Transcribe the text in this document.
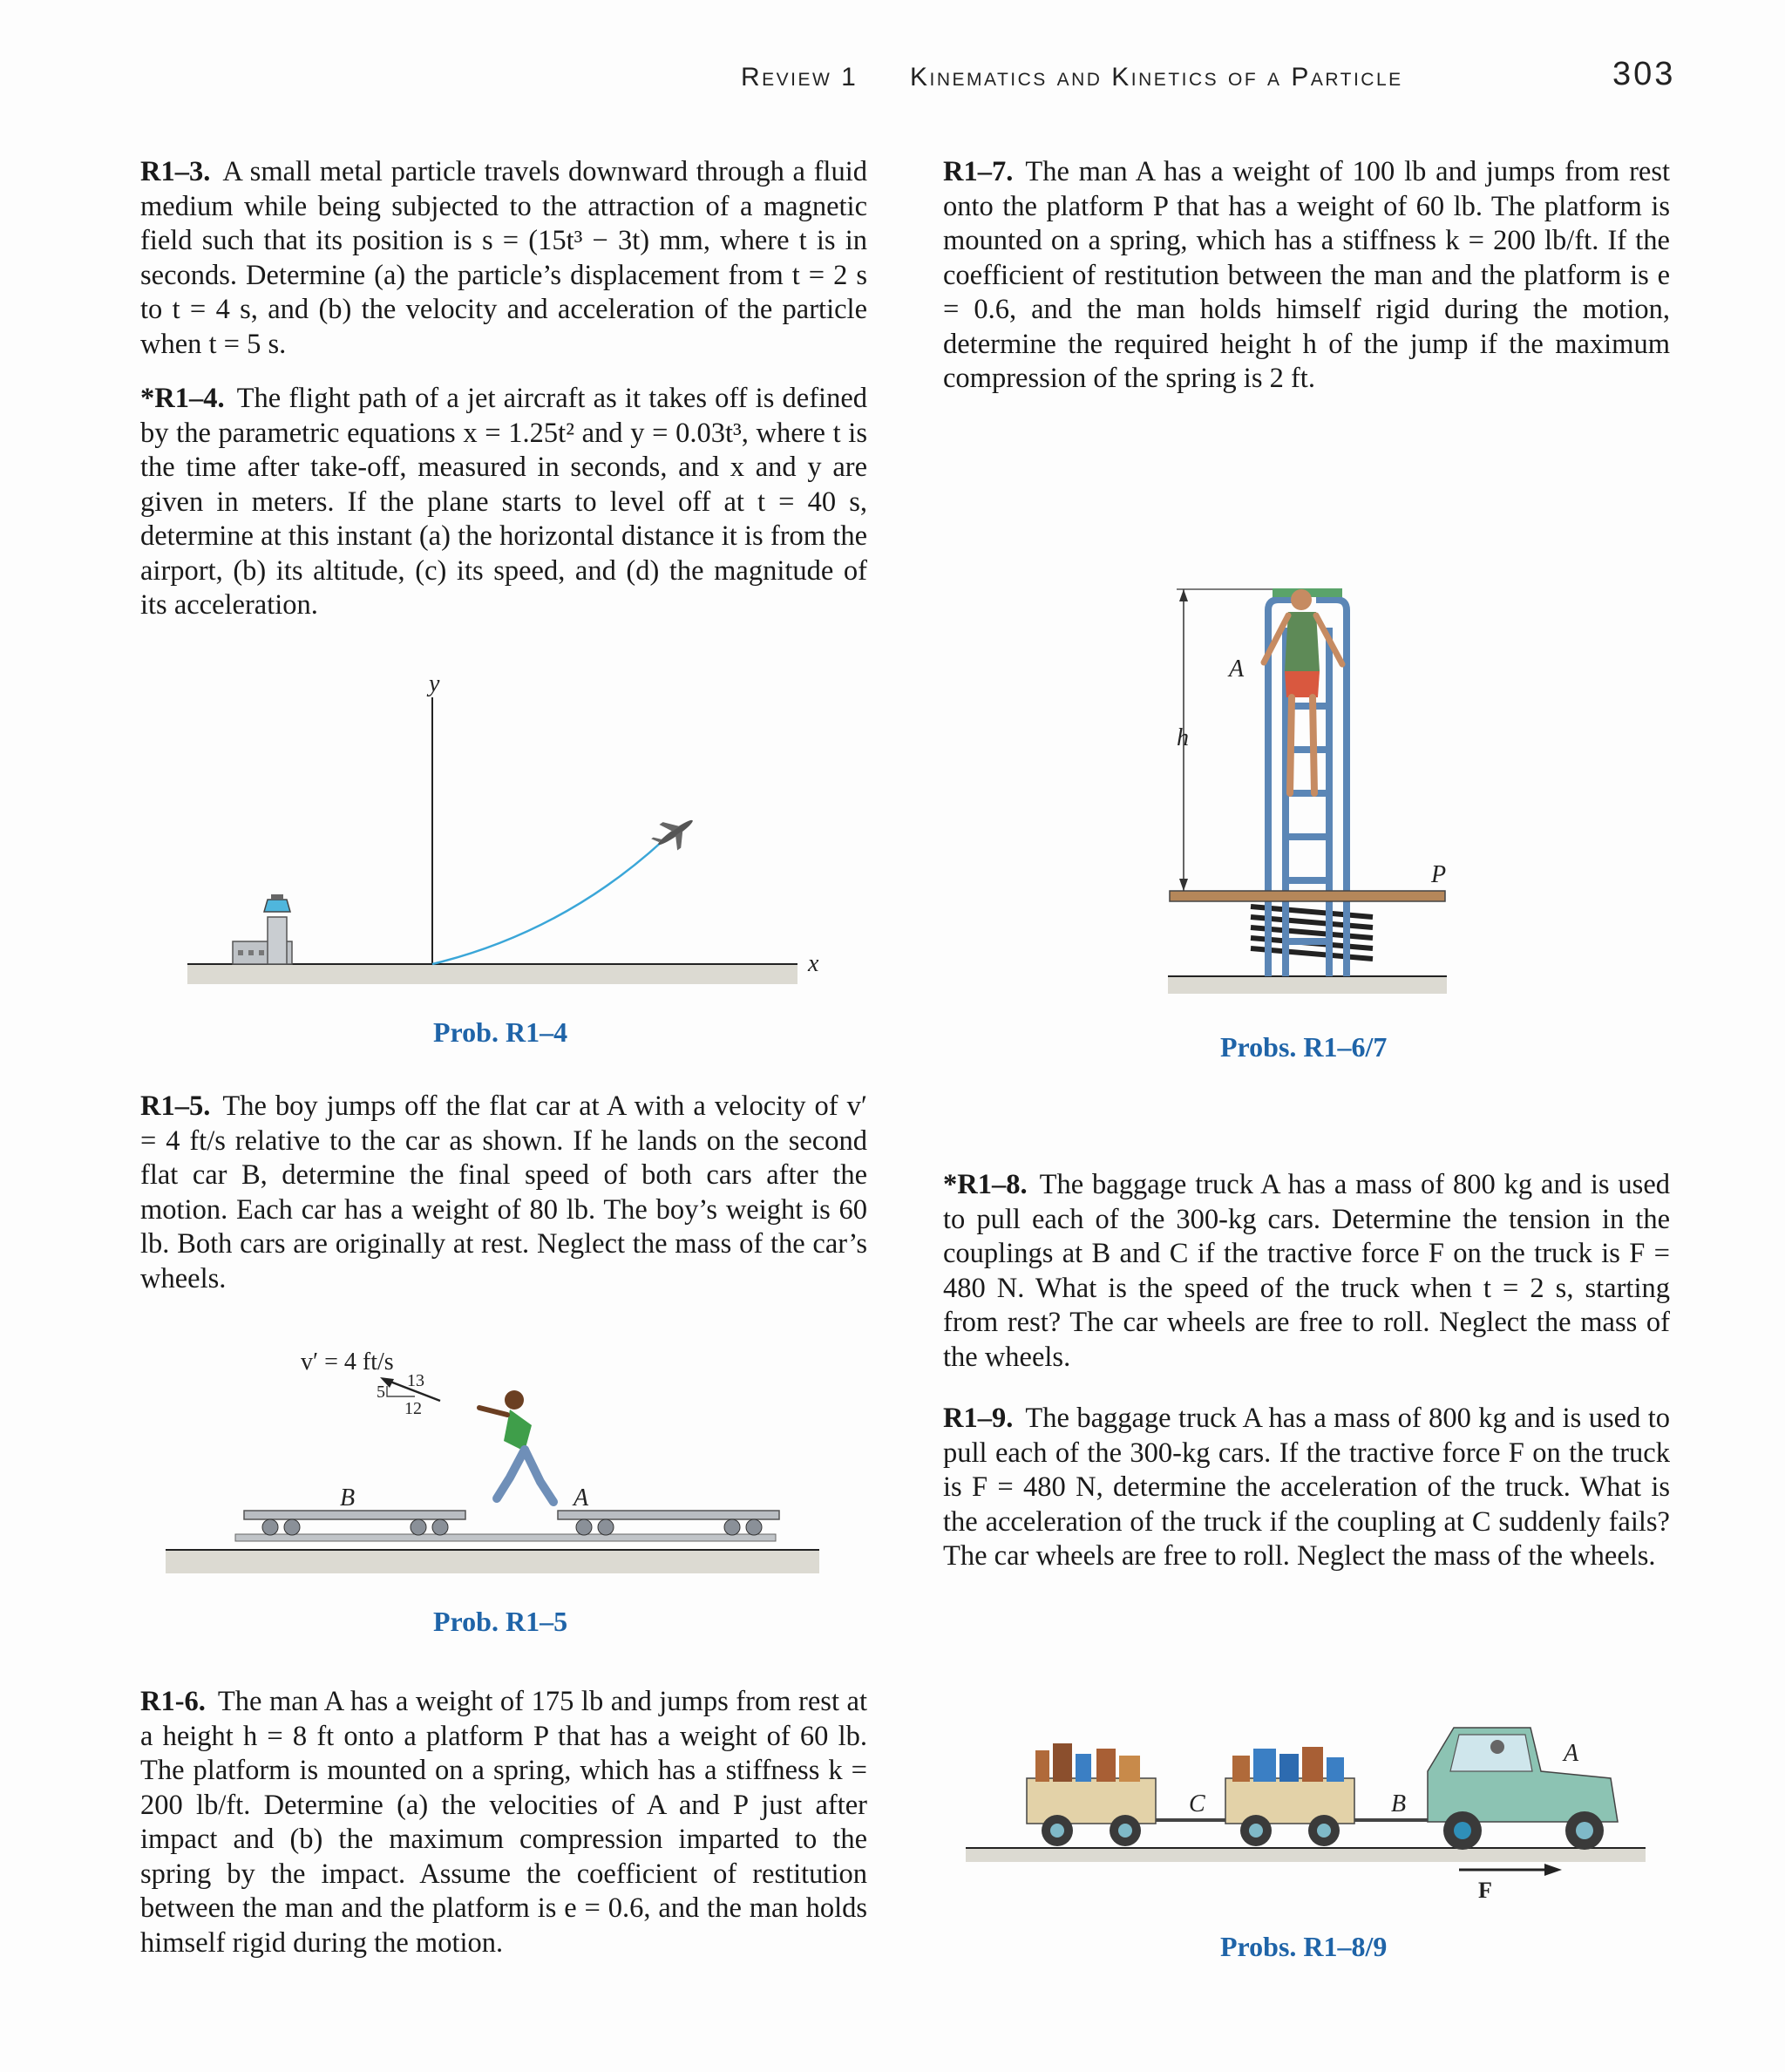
Review 1 Kinematics and Kinetics of a Particle	303

R1–3. A small metal particle travels downward through a fluid medium while being subjected to the attraction of a magnetic field such that its position is s = (15t³ − 3t) mm, where t is in seconds. Determine (a) the particle’s displacement from t = 2 s to t = 4 s, and (b) the velocity and acceleration of the particle when t = 5 s.

*R1–4. The flight path of a jet aircraft as it takes off is defined by the parametric equations x = 1.25t² and y = 0.03t³, where t is the time after take-off, measured in seconds, and x and y are given in meters. If the plane starts to level off at t = 40 s, determine at this instant (a) the horizontal distance it is from the airport, (b) its altitude, (c) its speed, and (d) the magnitude of its acceleration.

y
x
Prob. R1–4

R1–5. The boy jumps off the flat car at A with a velocity of v′ = 4 ft/s relative to the car as shown. If he lands on the second flat car B, determine the final speed of both cars after the motion. Each car has a weight of 80 lb. The boy’s weight is 60 lb. Both cars are originally at rest. Neglect the mass of the car’s wheels.

B	A
v′ = 4 ft/s
13
5
12
Prob. R1–5

R1-6. The man A has a weight of 175 lb and jumps from rest at a height h = 8 ft onto a platform P that has a weight of 60 lb. The platform is mounted on a spring, which has a stiffness k = 200 lb/ft. Determine (a) the velocities of A and P just after impact and (b) the maximum compression imparted to the spring by the impact. Assume the coefficient of restitution between the man and the platform is e = 0.6, and the man holds himself rigid during the motion.

R1–7. The man A has a weight of 100 lb and jumps from rest onto the platform P that has a weight of 60 lb. The platform is mounted on a spring, which has a stiffness k = 200 lb/ft. If the coefficient of restitution between the man and the platform is e = 0.6, and the man holds himself rigid during the motion, determine the required height h of the jump if the maximum compression of the spring is 2 ft.

h
A
P
Probs. R1–6/7

*R1–8. The baggage truck A has a mass of 800 kg and is used to pull each of the 300-kg cars. Determine the tension in the couplings at B and C if the tractive force F on the truck is F = 480 N. What is the speed of the truck when t = 2 s, starting from rest? The car wheels are free to roll. Neglect the mass of the wheels.

R1–9. The baggage truck A has a mass of 800 kg and is used to pull each of the 300-kg cars. If the tractive force F on the truck is F = 480 N, determine the acceleration of the truck. What is the acceleration of the truck if the coupling at C suddenly fails? The car wheels are free to roll. Neglect the mass of the wheels.

C	B
A
F
Probs. R1–8/9
